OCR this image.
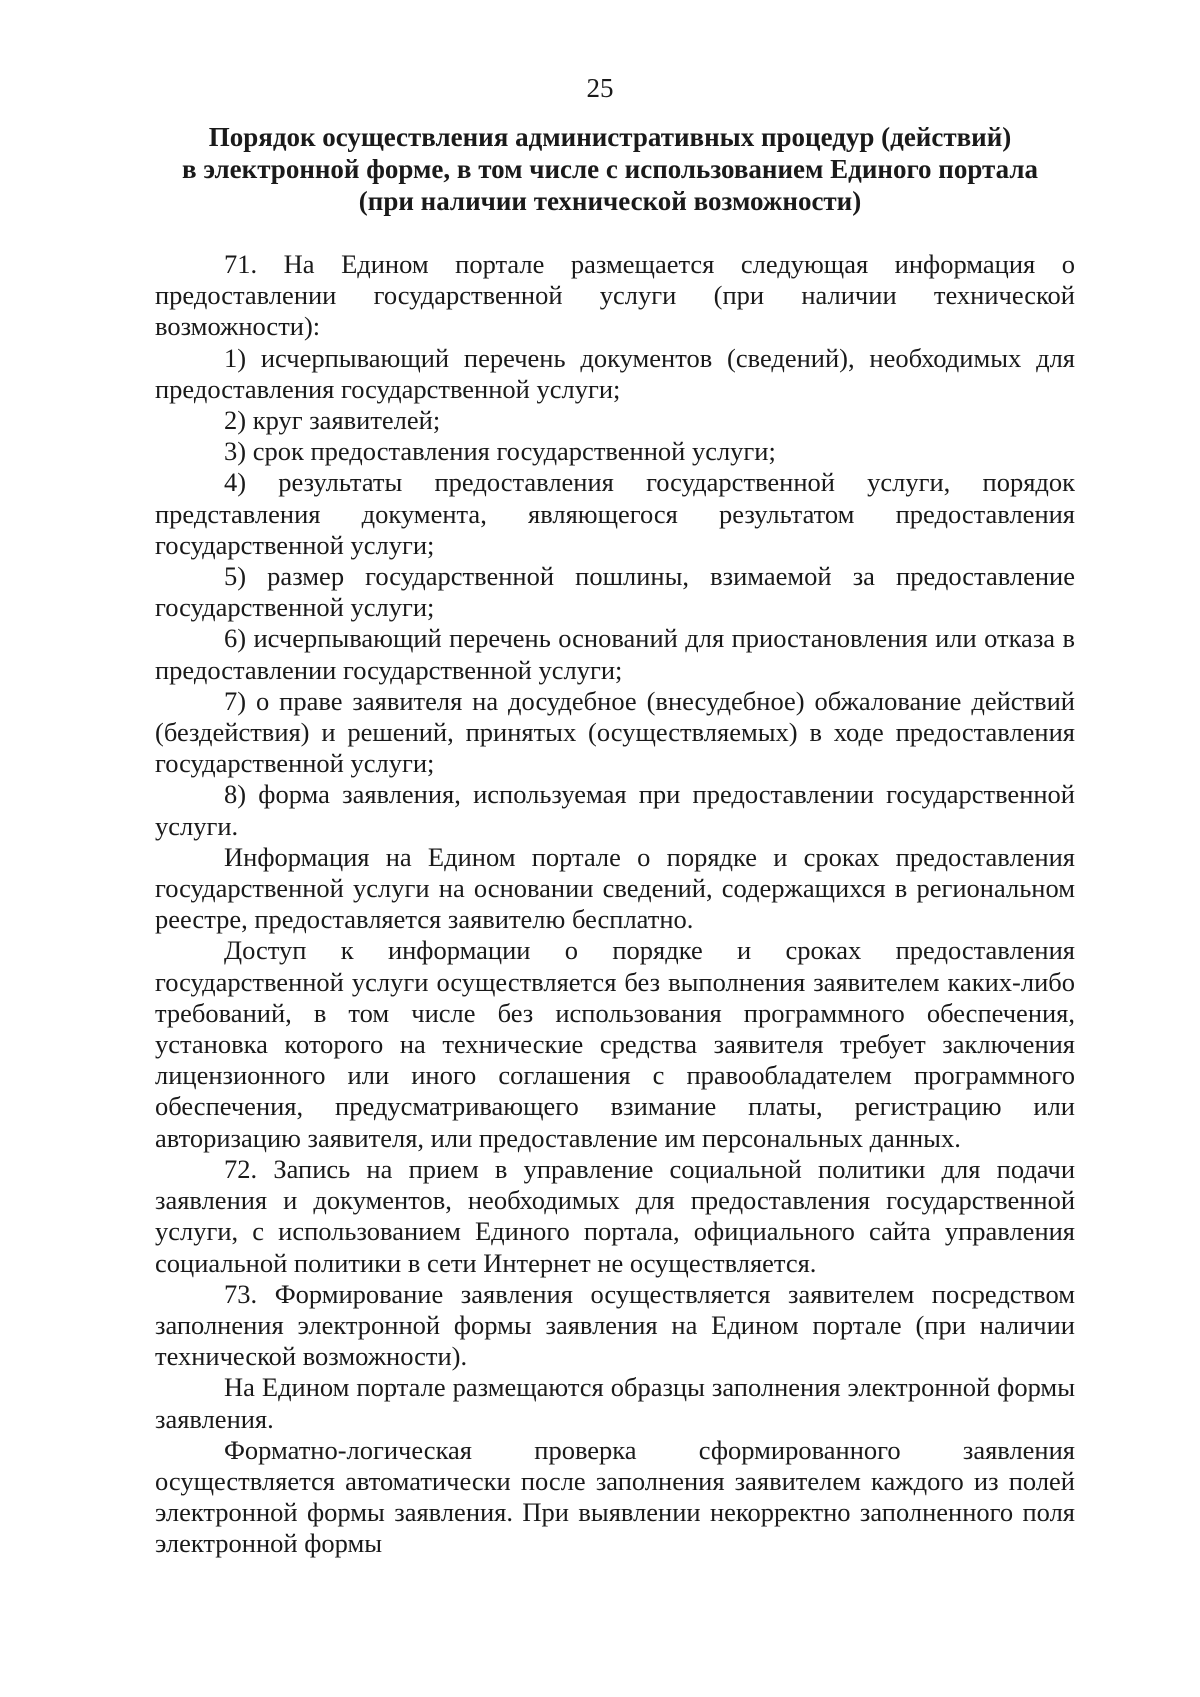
25
Порядок осуществления административных процедур (действий)
в электронной форме, в том числе с использованием Единого портала
(при наличии технической возможности)

71. На Едином портале размещается следующая информация о предоставлении государственной услуги (при наличии технической возможности):

1) исчерпывающий перечень документов (сведений), необходимых для предоставления государственной услуги;

2) круг заявителей;

3) срок предоставления государственной услуги;

4) результаты предоставления государственной услуги, порядок представления документа, являющегося результатом предоставления государственной услуги;

5) размер государственной пошлины, взимаемой за предоставление государственной услуги;

6) исчерпывающий перечень оснований для приостановления или отказа в предоставлении государственной услуги;

7) о праве заявителя на досудебное (внесудебное) обжалование действий (бездействия) и решений, принятых (осуществляемых) в ходе предоставления государственной услуги;

8) форма заявления, используемая при предоставлении государственной услуги.

Информация на Едином портале о порядке и сроках предоставления государственной услуги на основании сведений, содержащихся в региональном реестре, предоставляется заявителю бесплатно.

Доступ к информации о порядке и сроках предоставления государственной услуги осуществляется без выполнения заявителем каких-либо требований, в том числе без использования программного обеспечения, установка которого на технические средства заявителя требует заключения лицензионного или иного соглашения с правообладателем программного обеспечения, предусматривающего взимание платы, регистрацию или авторизацию заявителя, или предоставление им персональных данных.

72. Запись на прием в управление социальной политики для подачи заявления и документов, необходимых для предоставления государственной услуги, с использованием Единого портала, официального сайта управления социальной политики в сети Интернет не осуществляется.

73. Формирование заявления осуществляется заявителем посредством заполнения электронной формы заявления на Едином портале (при наличии технической возможности).

На Едином портале размещаются образцы заполнения электронной формы заявления.

Форматно-логическая проверка сформированного заявления осуществляется автоматически после заполнения заявителем каждого из полей электронной формы заявления. При выявлении некорректно заполненного поля электронной формы
